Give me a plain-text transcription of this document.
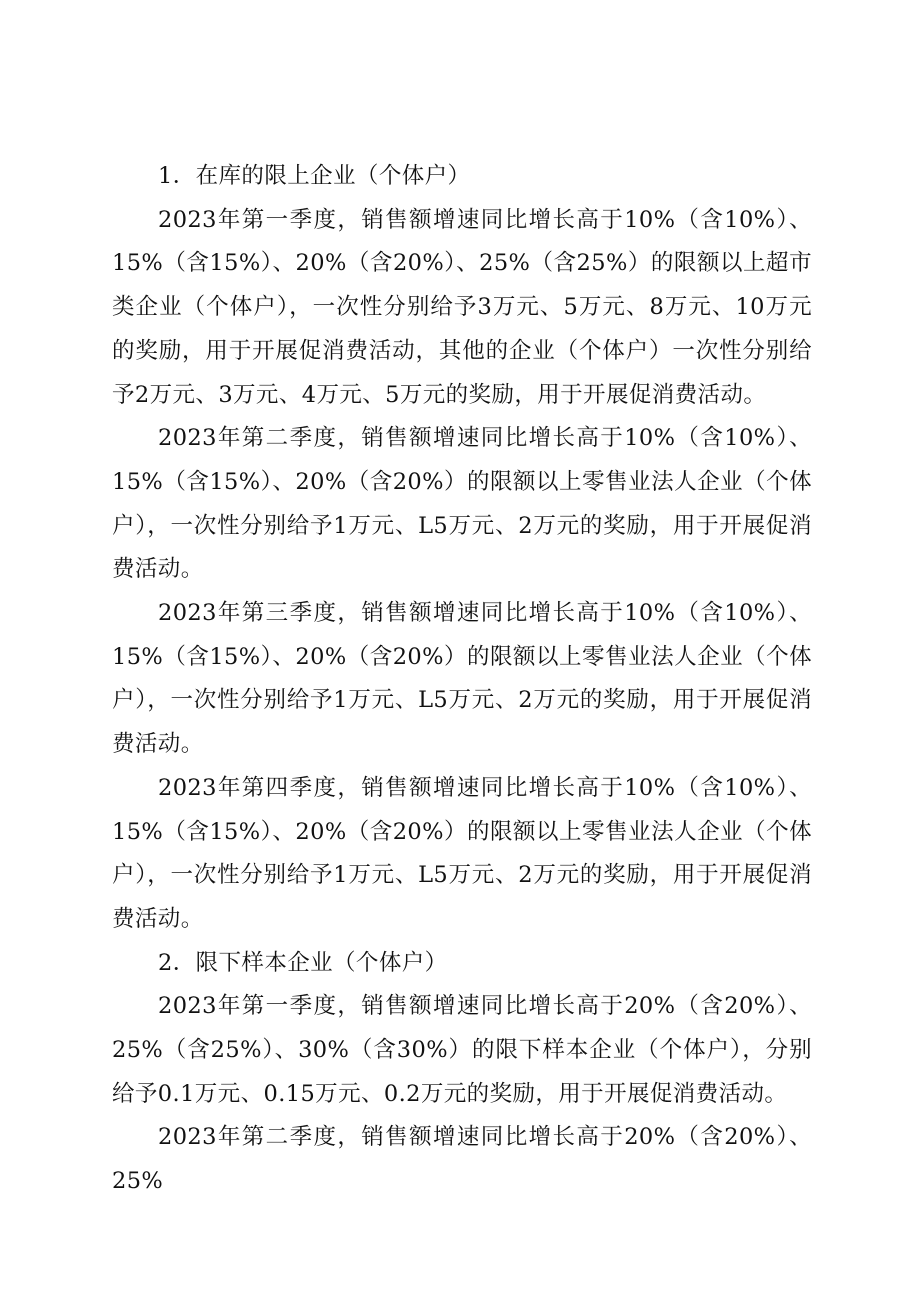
1．在库的限上企业（个体户）

2023年第一季度，销售额增速同比增长高于10%（含10%）、15%（含15%）、20%（含20%）、25%（含25%）的限额以上超市类企业（个体户），一次性分别给予3万元、5万元、8万元、10万元的奖励，用于开展促消费活动，其他的企业（个体户）一次性分别给予2万元、3万元、4万元、5万元的奖励，用于开展促消费活动。

2023年第二季度，销售额增速同比增长高于10%（含10%）、15%（含15%）、20%（含20%）的限额以上零售业法人企业（个体户），一次性分别给予1万元、L5万元、2万元的奖励，用于开展促消费活动。

2023年第三季度，销售额增速同比增长高于10%（含10%）、15%（含15%）、20%（含20%）的限额以上零售业法人企业（个体户），一次性分别给予1万元、L5万元、2万元的奖励，用于开展促消费活动。

2023年第四季度，销售额增速同比增长高于10%（含10%）、15%（含15%）、20%（含20%）的限额以上零售业法人企业（个体户），一次性分别给予1万元、L5万元、2万元的奖励，用于开展促消费活动。

2．限下样本企业（个体户）

2023年第一季度，销售额增速同比增长高于20%（含20%）、25%（含25%）、30%（含30%）的限下样本企业（个体户），分别给予0.1万元、0.15万元、0.2万元的奖励，用于开展促消费活动。

2023年第二季度，销售额增速同比增长高于20%（含20%）、25%
